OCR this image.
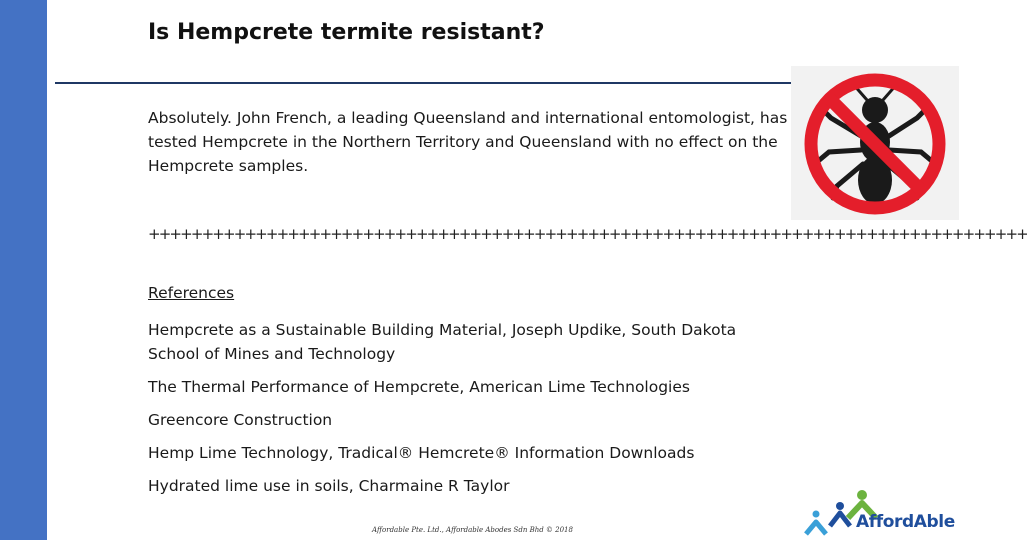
Is Hempcrete termite resistant?
Absolutely. John French, a leading Queensland and international entomologist, has tested Hempcrete in the Northern Territory and Queensland with no effect on the Hempcrete samples.
++++++++++++++++++++++++++++++++++++++++++++++++++++++++++++++++++++++++++++++++++
References
Hempcrete as a Sustainable Building Material, Joseph Updike, South Dakota School of Mines and Technology
The Thermal Performance of Hempcrete, American Lime Technologies
Greencore Construction
Hemp Lime Technology, Tradical® Hemcrete® Information Downloads
Hydrated lime use in soils, Charmaine R Taylor
AffordAble
Affordable Pte. Ltd., Affordable Abodes Sdn Bhd © 2018
